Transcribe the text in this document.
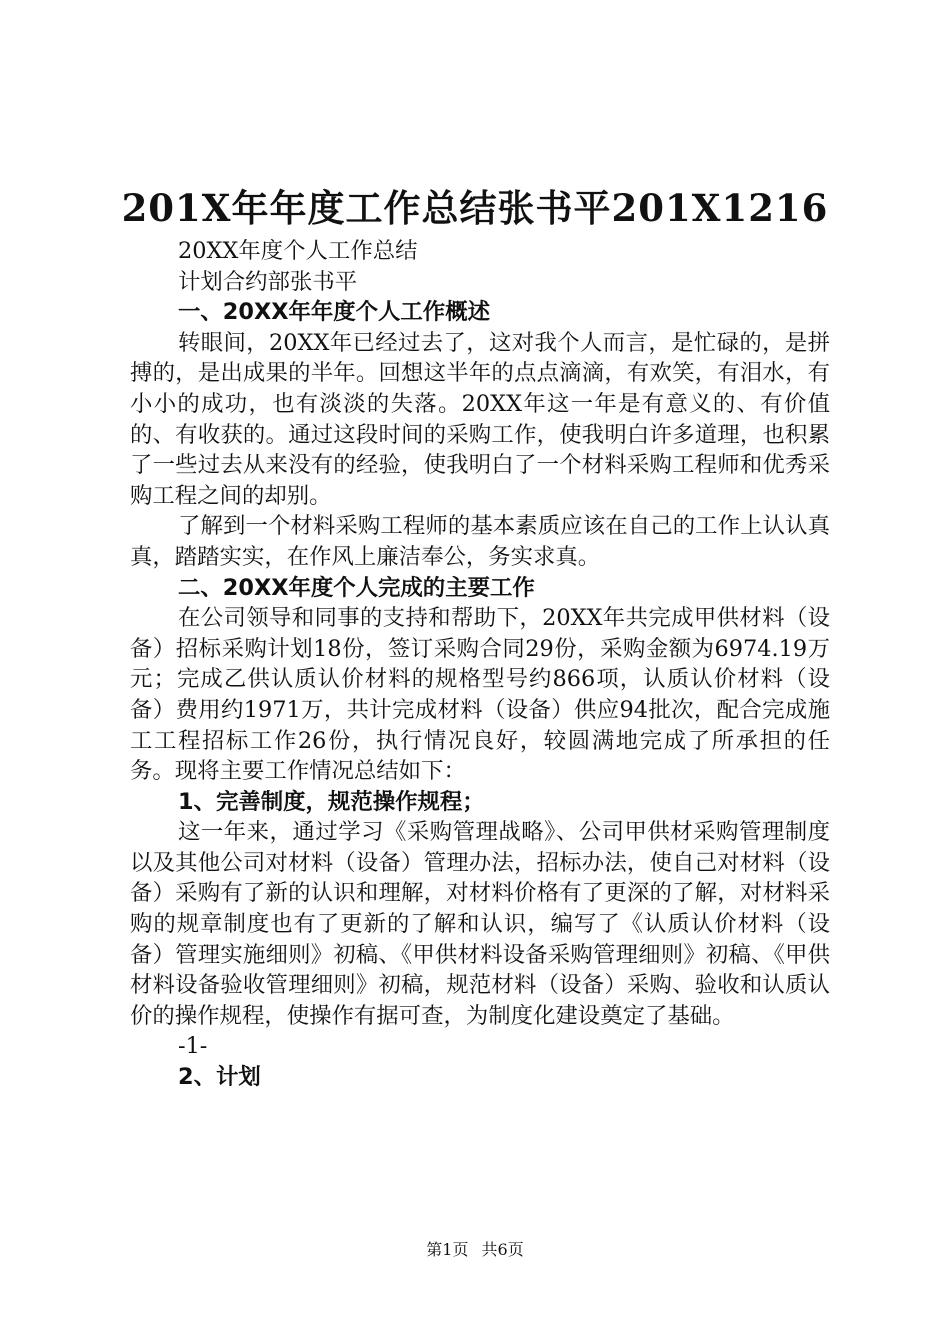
201X年年度工作总结张书平201X1216

20XX年度个人工作总结

计划合约部张书平

一、20XX年年度个人工作概述

转眼间，20XX年已经过去了，这对我个人而言，是忙碌的，是拼搏的，是出成果的半年。回想这半年的点点滴滴，有欢笑，有泪水，有小小的成功，也有淡淡的失落。20XX年这一年是有意义的、有价值的、有收获的。通过这段时间的采购工作，使我明白许多道理，也积累了一些过去从来没有的经验，使我明白了一个材料采购工程师和优秀采购工程之间的却别。

了解到一个材料采购工程师的基本素质应该在自己的工作上认认真真，踏踏实实，在作风上廉洁奉公，务实求真。

二、20XX年度个人完成的主要工作

在公司领导和同事的支持和帮助下，20XX年共完成甲供材料（设备）招标采购计划18份，签订采购合同29份，采购金额为6974.19万元；完成乙供认质认价材料的规格型号约866项，认质认价材料（设备）费用约1971万，共计完成材料（设备）供应94批次，配合完成施工工程招标工作26份，执行情况良好，较圆满地完成了所承担的任务。现将主要工作情况总结如下：

1、完善制度，规范操作规程；

这一年来，通过学习《采购管理战略》、公司甲供材采购管理制度以及其他公司对材料（设备）管理办法，招标办法，使自己对材料（设备）采购有了新的认识和理解，对材料价格有了更深的了解，对材料采购的规章制度也有了更新的了解和认识，编写了《认质认价材料（设备）管理实施细则》初稿、《甲供材料设备采购管理细则》初稿、《甲供材料设备验收管理细则》初稿，规范材料（设备）采购、验收和认质认价的操作规程，使操作有据可查，为制度化建设奠定了基础。

-1-

2、计划

第1页 共6页
